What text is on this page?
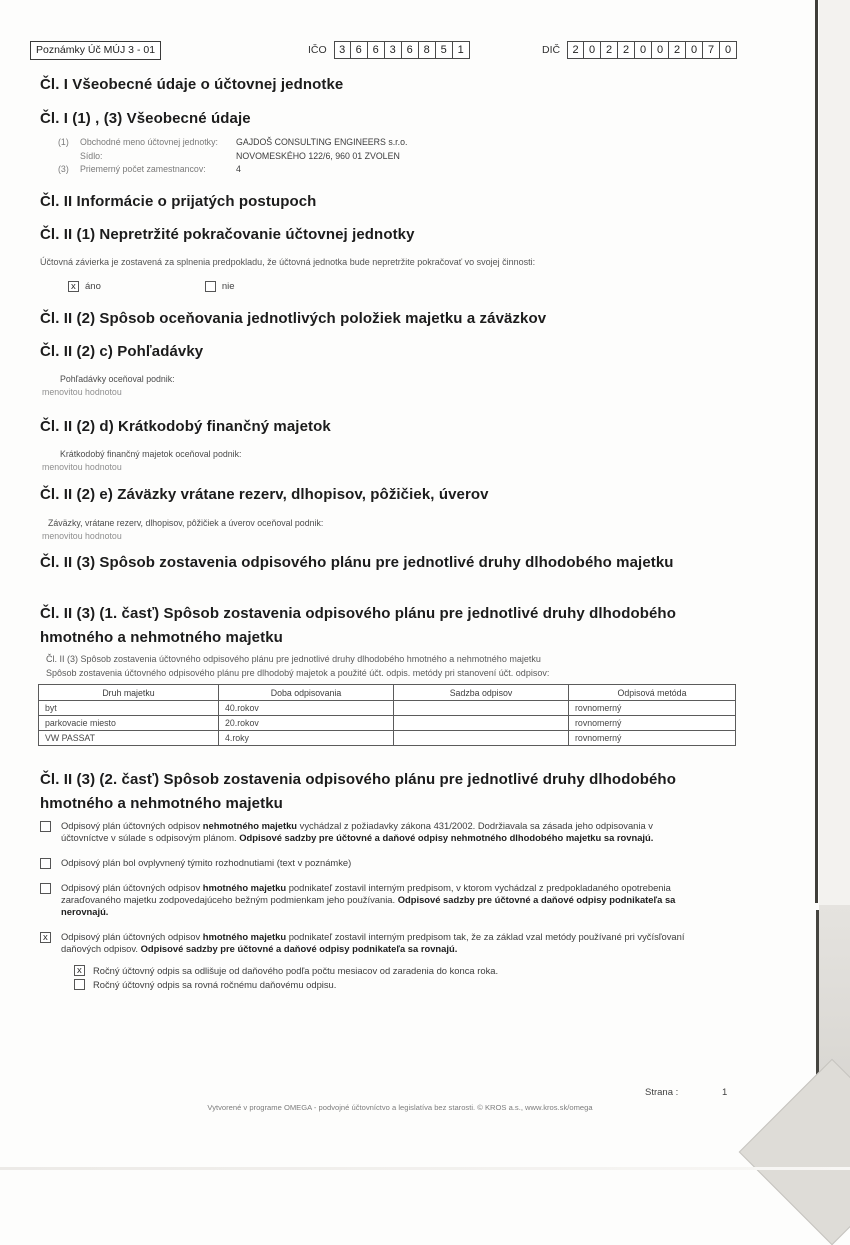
Poznámky Úč MÚJ 3 - 01	IČO	3 6 6 3 6 8 5 1	DIČ	2 0 2 2 0 0 2 0 7 0
Čl. I Všeobecné údaje o účtovnej jednotke
Čl. I (1) , (3) Všeobecné údaje
(1)	Obchodné meno účtovnej jednotky:	GAJDOŠ CONSULTING ENGINEERS s.r.o.
Sídlo:	NOVOMESKÉHO 122/6, 960 01 ZVOLEN
(3)	Priemerný počet zamestnancov:	4
Čl. II Informácie o prijatých postupoch
Čl. II (1) Nepretržité pokračovanie účtovnej jednotky
Účtovná závierka je zostavená za splnenia predpokladu, že účtovná jednotka bude nepretržite pokračovať vo svojej činnosti:
x
áno	nie
Čl. II (2) Spôsob oceňovania jednotlivých položiek majetku a záväzkov
Čl. II (2) c) Pohľadávky
Pohľadávky oceňoval podnik:
menovitou hodnotou
Čl. II (2) d) Krátkodobý finančný majetok
Krátkodobý finančný majetok oceňoval podnik:
menovitou hodnotou
Čl. II (2) e) Záväzky vrátane rezerv, dlhopisov, pôžičiek, úverov
Záväzky, vrátane rezerv, dlhopisov, pôžičiek a úverov oceňoval podnik:
menovitou hodnotou
Čl. II (3) Spôsob zostavenia odpisového plánu pre jednotlivé druhy dlhodobého majetku
Čl. II (3) (1. časť) Spôsob zostavenia odpisového plánu pre jednotlivé druhy dlhodobého hmotného a nehmotného majetku
Čl. II (3) Spôsob zostavenia účtovného odpisového plánu pre jednotlivé druhy dlhodobého hmotného a nehmotného majetku
Spôsob zostavenia účtovného odpisového plánu pre dlhodobý majetok a použité účt. odpis. metódy pri stanovení účt. odpisov:
Druh majetku	Doba odpisovania	Sadzba odpisov	Odpisová metóda
byt	40.rokov		rovnomerný
parkovacie miesto	20.rokov		rovnomerný
VW PASSAT	4.roky		rovnomerný
Čl. II (3) (2. časť) Spôsob zostavenia odpisového plánu pre jednotlivé druhy dlhodobého hmotného a nehmotného majetku
Odpisový plán účtovných odpisov nehmotného majetku vychádzal z požiadavky zákona 431/2002. Dodržiavala sa zásada jeho odpisovania v účtovníctve v súlade s odpisovým plánom. Odpisové sadzby pre účtovné a daňové odpisy nehmotného dlhodobého majetku sa rovnajú.
Odpisový plán bol ovplyvnený týmito rozhodnutiami (text v poznámke)
Odpisový plán účtovných odpisov hmotného majetku podnikateľ zostavil interným predpisom, v ktorom vychádzal z predpokladaného opotrebenia zaraďovaného majetku zodpovedajúceho bežným podmienkam jeho používania. Odpisové sadzby pre účtovné a daňové odpisy podnikateľa sa nerovnajú.
x
Odpisový plán účtovných odpisov hmotného majetku podnikateľ zostavil interným predpisom tak, že za základ vzal metódy používané pri vyčísľovaní daňových odpisov. Odpisové sadzby pre účtovné a daňové odpisy podnikateľa sa rovnajú.
x
Ročný účtovný odpis sa odlišuje od daňového podľa počtu mesiacov od zaradenia do konca roka.
Ročný účtovný odpis sa rovná ročnému daňovému odpisu.
Strana :	1
Vytvorené v programe OMEGA - podvojné účtovníctvo a legislatíva bez starosti. © KROS a.s., www.kros.sk/omega
